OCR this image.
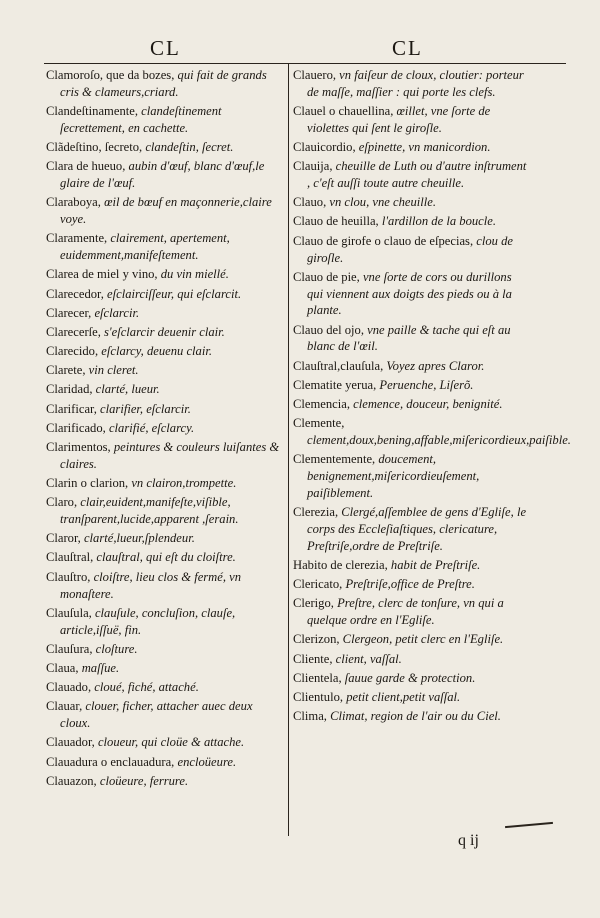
CL	CL
Clamoroſo, que da bozes, qui fait de grands cris & clameurs,criard.
Clandeſtinamente, clandeſtinement ſecrettement, en cachette.
Clãdeſtino, ſecreto, clandeſtin, ſecret.
Clara de hueuo, aubin d'œuf, blanc d'œuf,le glaire de l'œuf.
Claraboya, œil de bœuf en maçonnerie,claire voye.
Claramente, clairement, apertement, euidemment,manifeſtement.
Clarea de miel y vino, du vin miellé.
Clarecedor, eſclairciſſeur, qui eſclarcit.
Clarecer, eſclarcir.
Clarecerſe, s'eſclarcir deuenir clair.
Clarecido, eſclarcy, deuenu clair.
Clarete, vin cleret.
Claridad, clarté, lueur.
Clarificar, clarifier, eſclarcir.
Clarificado, clarifié, eſclarcy.
Clarimentos, peintures & couleurs luiſantes & claires.
Clarin o clarion, vn clairon,trompette.
Claro, clair,euident,manifeſte,viſible, tranſparent,lucide,apparent ,ſerain.
Claror, clarté,lueur,ſplendeur.
Clauſtral, clauſtral, qui eſt du cloiſtre.
Clauſtro, cloiſtre, lieu clos & fermé, vn monaſtere.
Clauſula, clauſule, concluſion, clauſe, article,iſſuë, fin.
Clauſura, cloſture.
Claua, maſſue.
Clauado, cloué, fiché, attaché.
Clauar, clouer, ficher, attacher auec deux cloux.
Clauador, cloueur, qui cloüe & attache.
Clauadura o enclauadura, encloüeure.
Clauazon, cloüeure, ferrure.
Clauero, vn faiſeur de cloux, cloutier: porteur de maſſe, maſſier : qui porte les clefs.
Clauel o chauellina, œillet, vne ſorte de violettes qui ſent le giroſle.
Clauicordio, eſpinette, vn manicordion.
Clauija, cheuille de Luth ou d'autre inſtrument , c'eſt auſſi toute autre cheuille.
Clauo, vn clou, vne cheuille.
Clauo de heuilla, l'ardillon de la boucle.
Clauo de girofe o clauo de eſpecias, clou de giroſle.
Clauo de pie, vne ſorte de cors ou durillons qui viennent aux doigts des pieds ou à la plante.
Clauo del ojo, vne paille & tache qui eſt au blanc de l'œil.
Clauſtral,clauſula, Voyez apres Claror.
Clematite yerua, Peruenche, Liſerõ.
Clemencia, clemence, douceur, benignité.
Clemente, clement,doux,bening,affable,miſericordieux,paiſible.
Clementemente, doucement, benignement,miſericordieuſement, paiſiblement.
Clerezia, Clergé,aſſemblee de gens d'Egliſe, le corps des Eccleſiaſtiques, clericature, Preſtriſe,ordre de Preſtriſe.
Habito de clerezia, habit de Preſtriſe.
Clericato, Preſtriſe,office de Preſtre.
Clerigo, Preſtre, clerc de tonſure, vn qui a quelque ordre en l'Egliſe.
Clerizon, Clergeon, petit clerc en l'Egliſe.
Cliente, client, vaſſal.
Clientela, ſauue garde & protection.
Clientulo, petit client,petit vaſſal.
Clima, Climat, region de l'air ou du Ciel.
q ij
